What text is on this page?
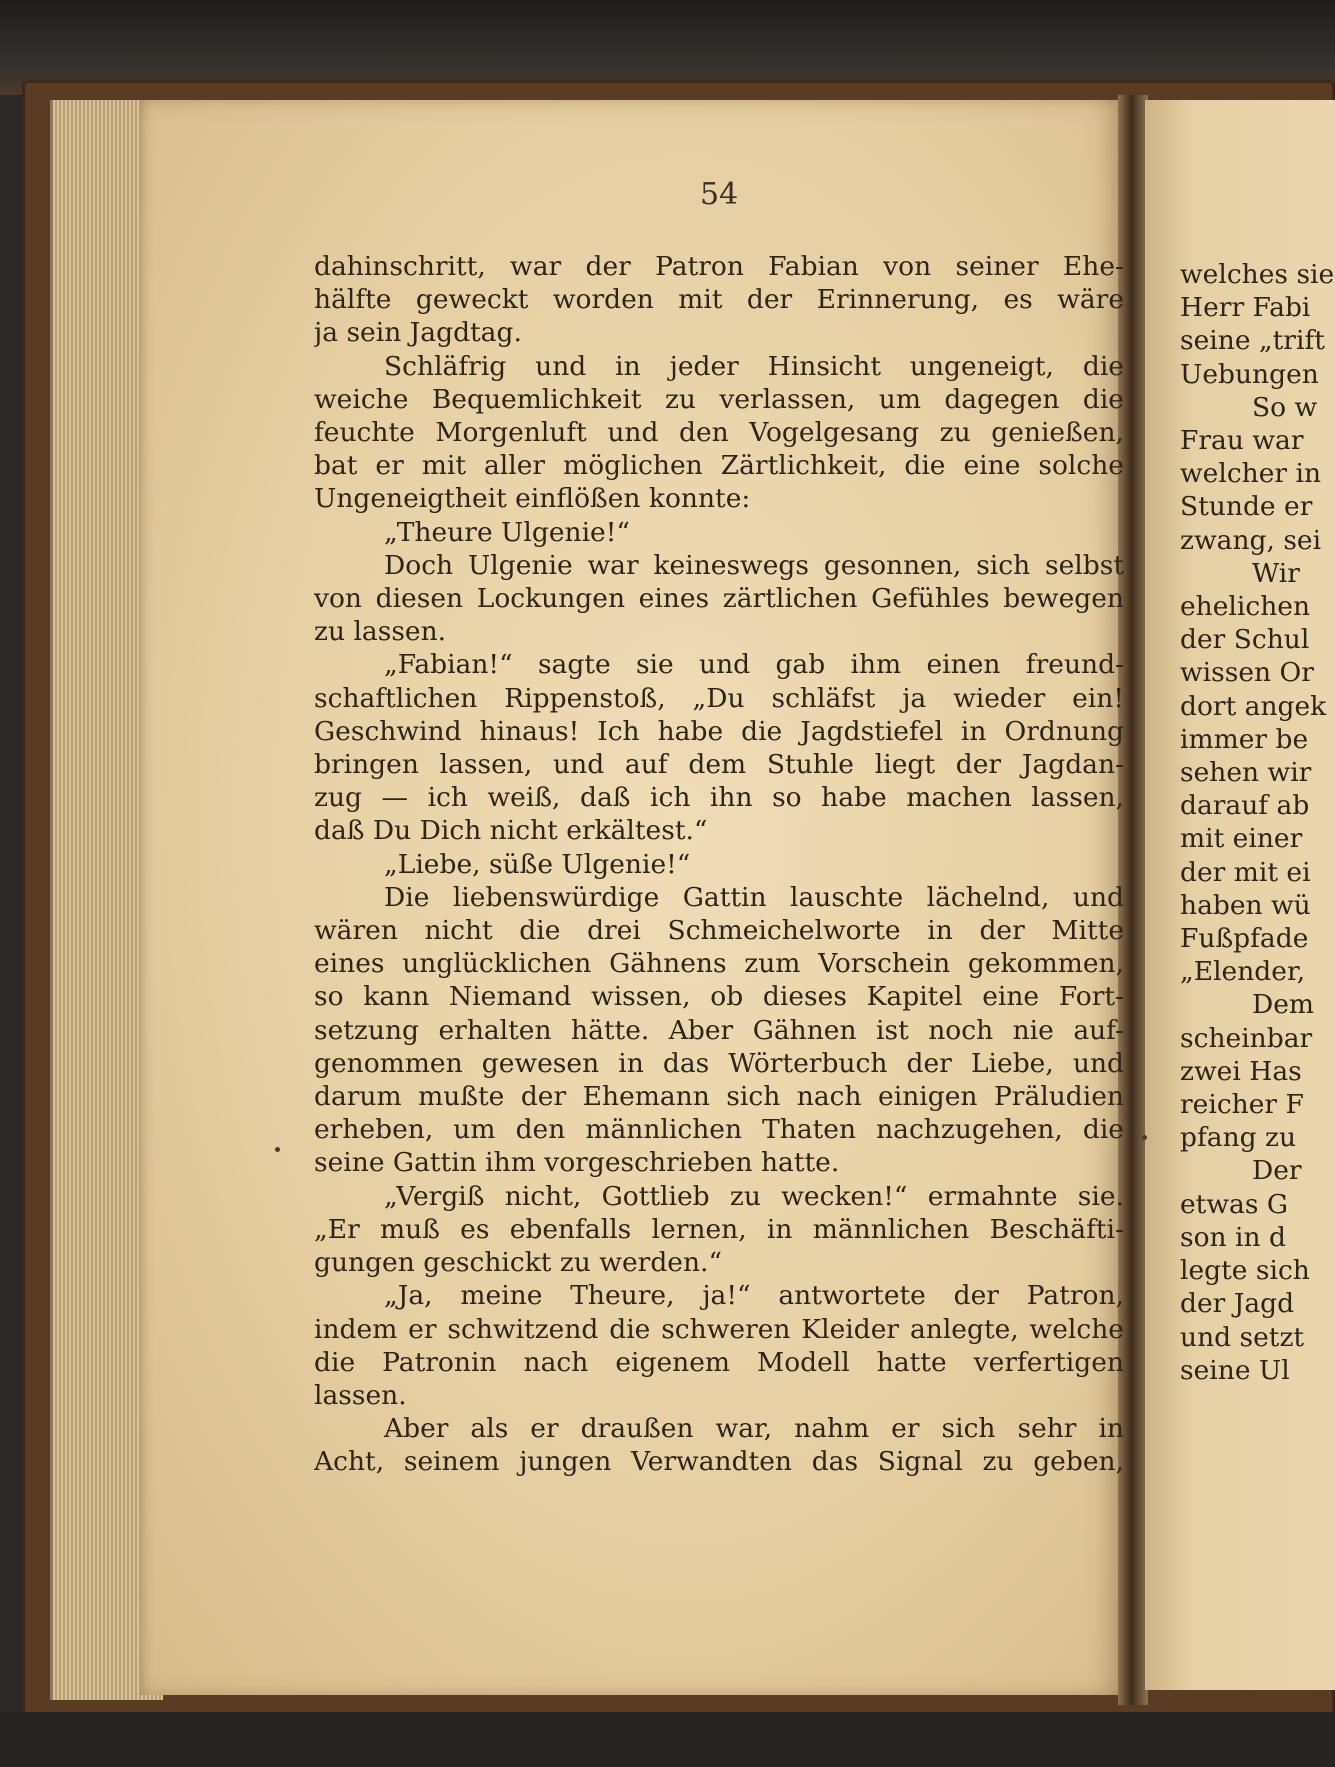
54
dahinschritt, war der Patron Fabian von seiner Ehe-
hälfte geweckt worden mit der Erinnerung, es wäre
ja sein Jagdtag.
Schläfrig und in jeder Hinsicht ungeneigt, die
weiche Bequemlichkeit zu verlassen, um dagegen die
feuchte Morgenluft und den Vogelgesang zu genießen,
bat er mit aller möglichen Zärtlichkeit, die eine solche
Ungeneigtheit einflößen konnte:
„Theure Ulgenie!“
Doch Ulgenie war keineswegs gesonnen, sich selbst
von diesen Lockungen eines zärtlichen Gefühles bewegen
zu lassen.
„Fabian!“ sagte sie und gab ihm einen freund-
schaftlichen Rippenstoß, „Du schläfst ja wieder ein!
Geschwind hinaus! Ich habe die Jagdstiefel in Ordnung
bringen lassen, und auf dem Stuhle liegt der Jagdan-
zug — ich weiß, daß ich ihn so habe machen lassen,
daß Du Dich nicht erkältest.“
„Liebe, süße Ulgenie!“
Die liebenswürdige Gattin lauschte lächelnd, und
wären nicht die drei Schmeichelworte in der Mitte
eines unglücklichen Gähnens zum Vorschein gekommen,
so kann Niemand wissen, ob dieses Kapitel eine Fort-
setzung erhalten hätte. Aber Gähnen ist noch nie auf-
genommen gewesen in das Wörterbuch der Liebe, und
darum mußte der Ehemann sich nach einigen Präludien
erheben, um den männlichen Thaten nachzugehen, die
seine Gattin ihm vorgeschrieben hatte.
„Vergiß nicht, Gottlieb zu wecken!“ ermahnte sie.
„Er muß es ebenfalls lernen, in männlichen Beschäfti-
gungen geschickt zu werden.“
„Ja, meine Theure, ja!“ antwortete der Patron,
indem er schwitzend die schweren Kleider anlegte, welche
die Patronin nach eigenem Modell hatte verfertigen
lassen.
Aber als er draußen war, nahm er sich sehr in
Acht, seinem jungen Verwandten das Signal zu geben,
welches sie
Herr Fabi
seine „trift
Uebungen
So w
Frau war
welcher in
Stunde er
zwang, sei
Wir
ehelichen
der Schul
wissen Or
dort angek
immer be
sehen wir
darauf ab
mit einer
der mit ei
haben wü
Fußpfade
„Elender,
Dem
scheinbar
zwei Has
reicher F
pfang zu
Der
etwas G
son in d
legte sich
der Jagd
und setzt
seine Ul
